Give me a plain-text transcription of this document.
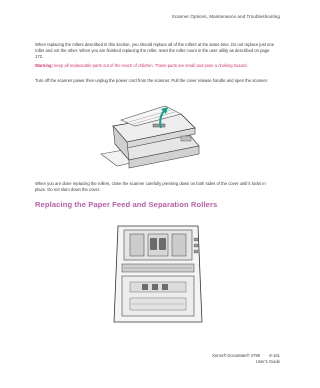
Scanner Options, Maintenance and Troubleshooting

When replacing the rollers described in this section, you should replace all of the rollers at the same time. Do not replace just one roller and not the other. When you are finished replacing the roller, reset the roller count in the user utility as described on page 172.

Warning: keep all replaceable parts out of the reach of children. These parts are small and pose a choking hazard.

Turn off the scanner power then unplug the power cord from the scanner. Pull the cover release handle and open the scanner.

When you are done replacing the rollers, close the scanner carefully pressing down on both sides of the cover until it locks in place. Do not slam down the cover.

Replacing the Paper Feed and Separation Rollers
Xerox® DocuMate® 4799 9-161
User's Guide
